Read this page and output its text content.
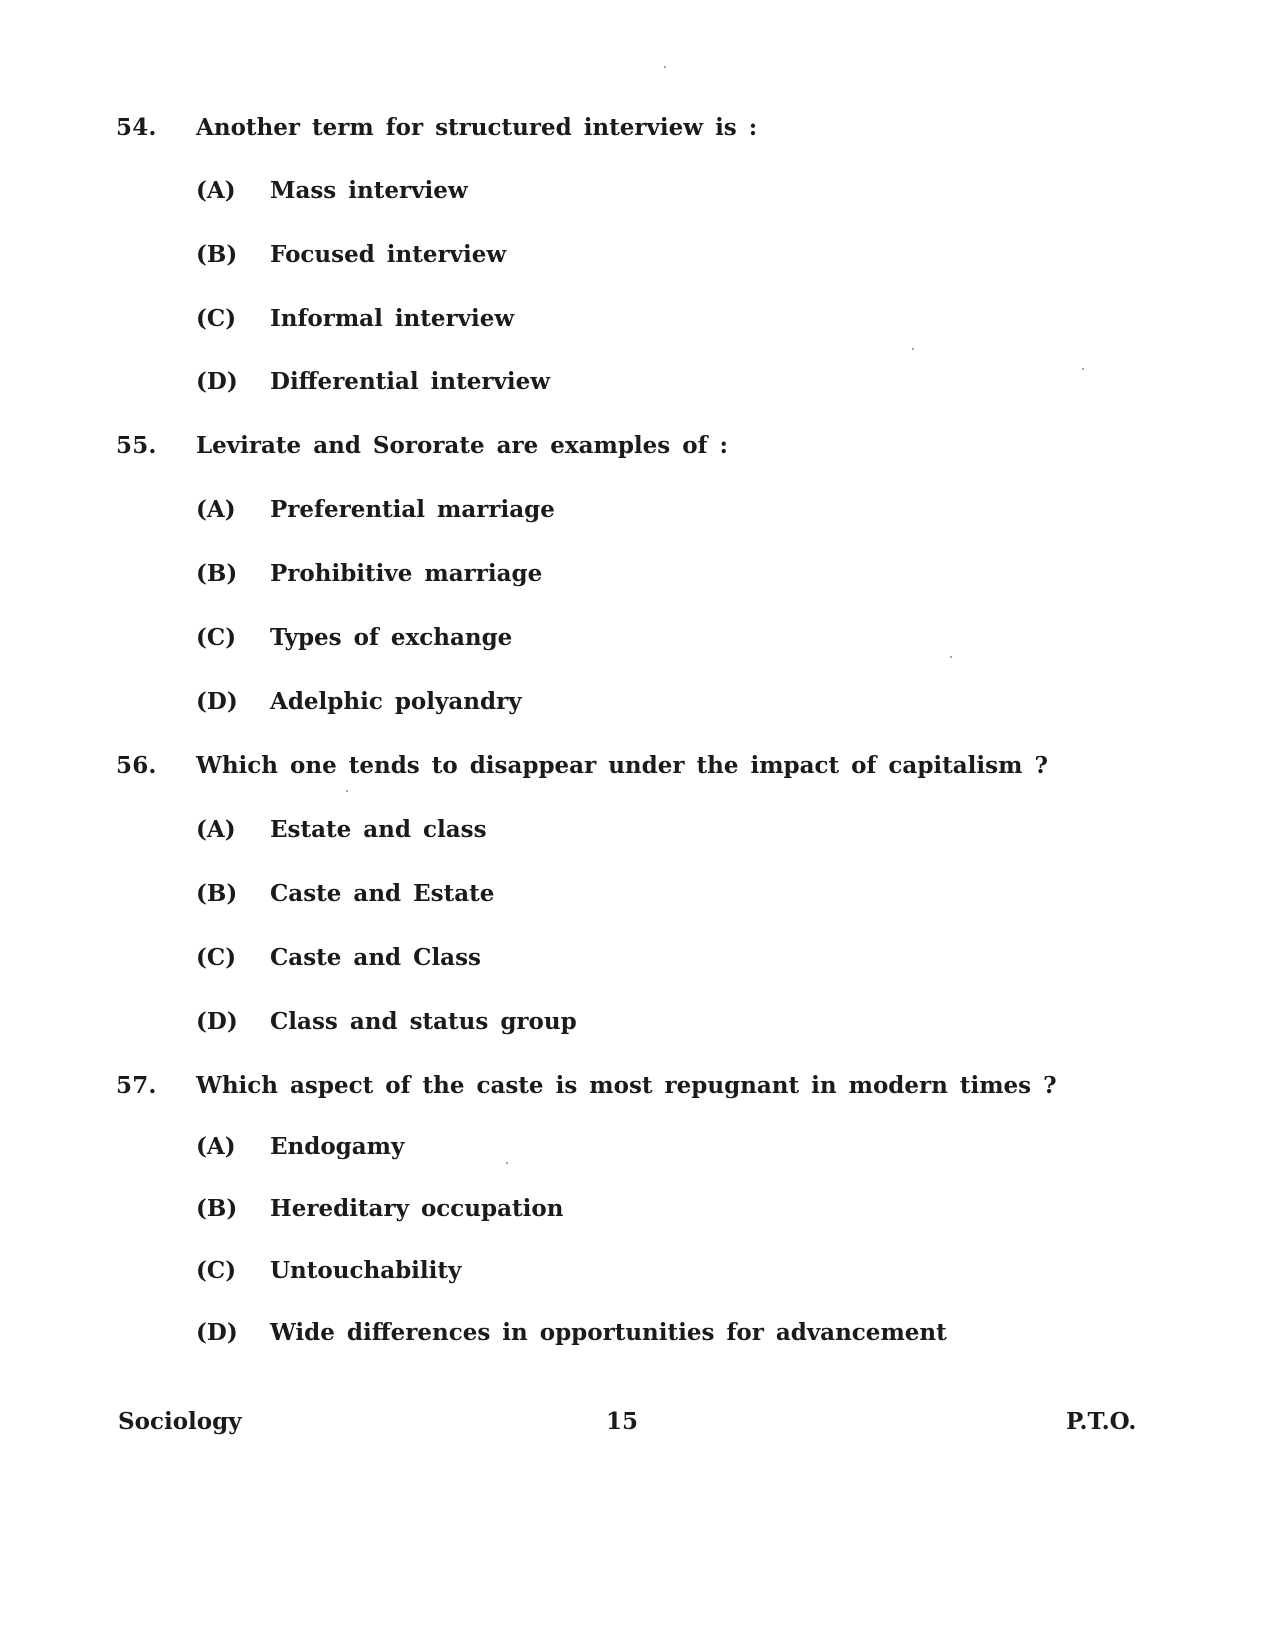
54. Another term for structured interview is :
(A) Mass interview
(B) Focused interview
(C) Informal interview
(D) Differential interview
55. Levirate and Sororate are examples of :
(A) Preferential marriage
(B) Prohibitive marriage
(C) Types of exchange
(D) Adelphic polyandry
56. Which one tends to disappear under the impact of capitalism ?
(A) Estate and class
(B) Caste and Estate
(C) Caste and Class
(D) Class and status group
57. Which aspect of the caste is most repugnant in modern times ?
(A) Endogamy
(B) Hereditary occupation
(C) Untouchability
(D) Wide differences in opportunities for advancement
Sociology	15	P.T.O.
